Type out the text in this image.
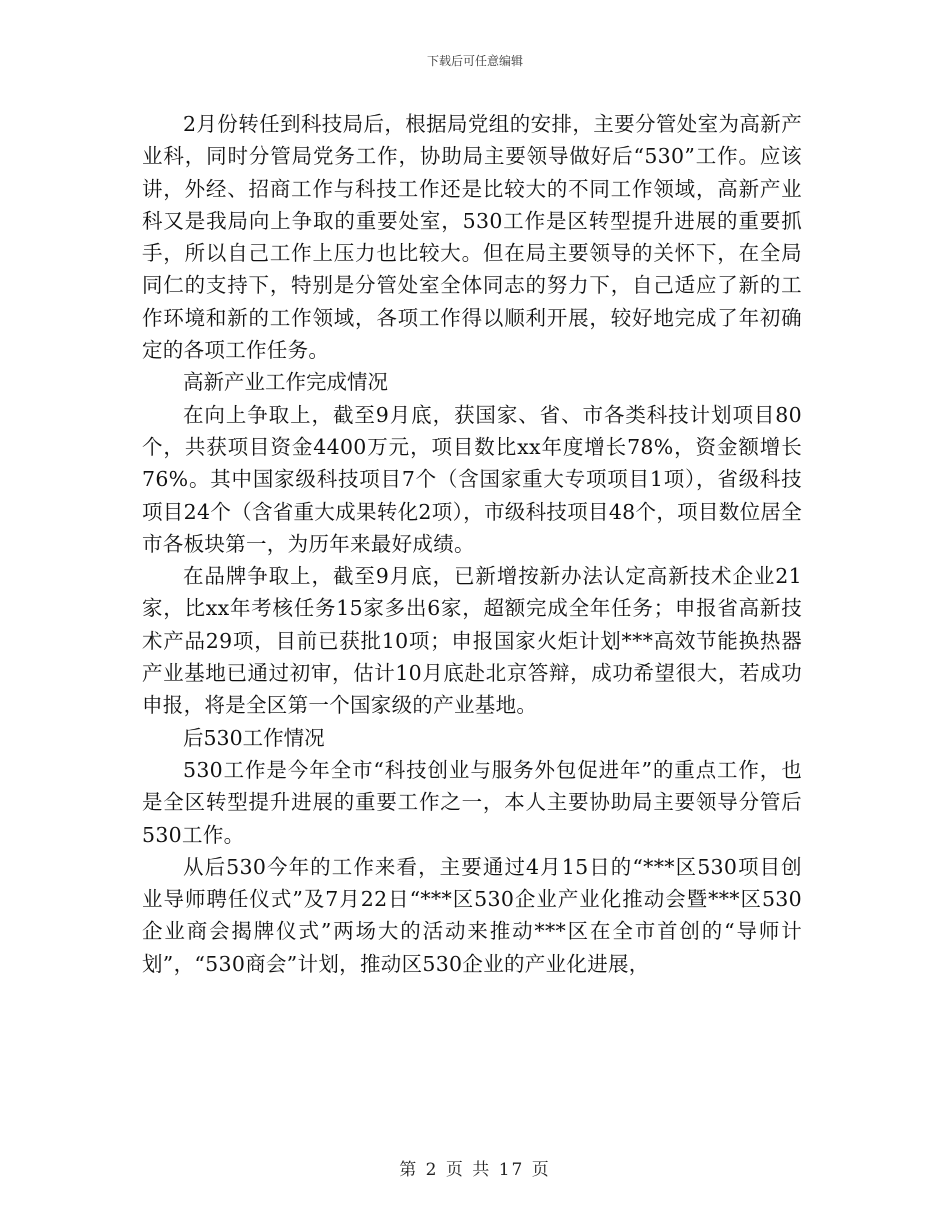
下载后可任意编辑

2月份转任到科技局后，根据局党组的安排，主要分管处室为高新产业科，同时分管局党务工作，协助局主要领导做好后“530”工作。应该讲，外经、招商工作与科技工作还是比较大的不同工作领域，高新产业科又是我局向上争取的重要处室，530工作是区转型提升进展的重要抓手，所以自己工作上压力也比较大。但在局主要领导的关怀下，在全局同仁的支持下，特别是分管处室全体同志的努力下，自己适应了新的工作环境和新的工作领域，各项工作得以顺利开展，较好地完成了年初确定的各项工作任务。

高新产业工作完成情况

在向上争取上，截至9月底，获国家、省、市各类科技计划项目80个，共获项目资金4400万元，项目数比xx年度增长78%，资金额增长76%。其中国家级科技项目7个（含国家重大专项项目1项），省级科技项目24个（含省重大成果转化2项），市级科技项目48个，项目数位居全市各板块第一，为历年来最好成绩。

在品牌争取上，截至9月底，已新增按新办法认定高新技术企业21家，比xx年考核任务15家多出6家，超额完成全年任务；申报省高新技术产品29项，目前已获批10项；申报国家火炬计划***高效节能换热器产业基地已通过初审，估计10月底赴北京答辩，成功希望很大，若成功申报，将是全区第一个国家级的产业基地。

后530工作情况

530工作是今年全市“科技创业与服务外包促进年”的重点工作，也是全区转型提升进展的重要工作之一，本人主要协助局主要领导分管后530工作。

从后530今年的工作来看，主要通过4月15日的“***区530项目创业导师聘任仪式”及7月22日“***区530企业产业化推动会暨***区530企业商会揭牌仪式”两场大的活动来推动***区在全市首创的“导师计划”，“530商会”计划，推动区530企业的产业化进展，

第 2 页 共 17 页
